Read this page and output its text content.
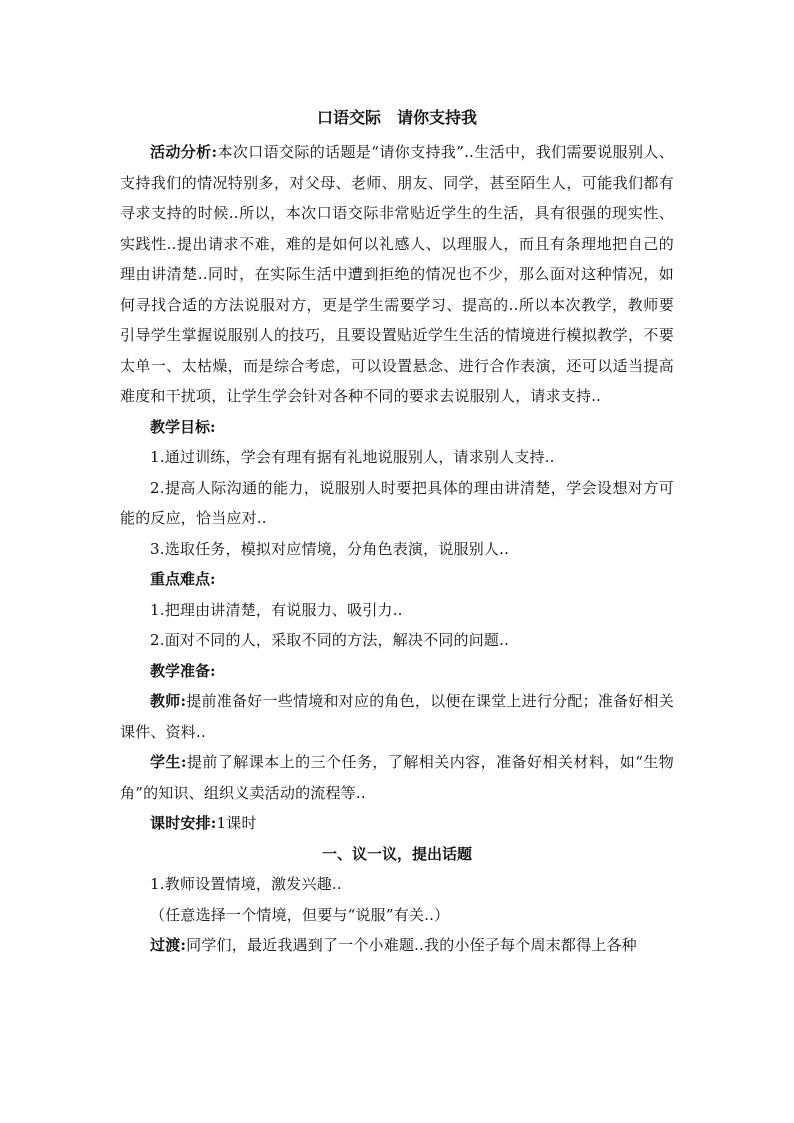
口语交际　请你支持我

活动分析:本次口语交际的话题是“请你支持我”..生活中，我们需要说服别人、支持我们的情况特别多，对父母、老师、朋友、同学，甚至陌生人，可能我们都有寻求支持的时候..所以，本次口语交际非常贴近学生的生活，具有很强的现实性、实践性..提出请求不难，难的是如何以礼感人、以理服人，而且有条理地把自己的理由讲清楚..同时，在实际生活中遭到拒绝的情况也不少，那么面对这种情况，如何寻找合适的方法说服对方，更是学生需要学习、提高的..所以本次教学，教师要引导学生掌握说服别人的技巧，且要设置贴近学生生活的情境进行模拟教学，不要太单一、太枯燥，而是综合考虑，可以设置悬念、进行合作表演，还可以适当提高难度和干扰项，让学生学会针对各种不同的要求去说服别人，请求支持..

教学目标:

1.通过训练，学会有理有据有礼地说服别人，请求别人支持..

2.提高人际沟通的能力，说服别人时要把具体的理由讲清楚，学会设想对方可能的反应，恰当应对..

3.选取任务，模拟对应情境，分角色表演，说服别人..

重点难点:

1.把理由讲清楚，有说服力、吸引力..

2.面对不同的人，采取不同的方法，解决不同的问题..

教学准备:

教师:提前准备好一些情境和对应的角色，以便在课堂上进行分配；准备好相关课件、资料..

学生:提前了解课本上的三个任务，了解相关内容，准备好相关材料，如“生物角”的知识、组织义卖活动的流程等..

课时安排:1课时

一、议一议，提出话题

1.教师设置情境，激发兴趣..

（任意选择一个情境，但要与“说服”有关..）

过渡:同学们，最近我遇到了一个小难题..我的小侄子每个周末都得上各种
